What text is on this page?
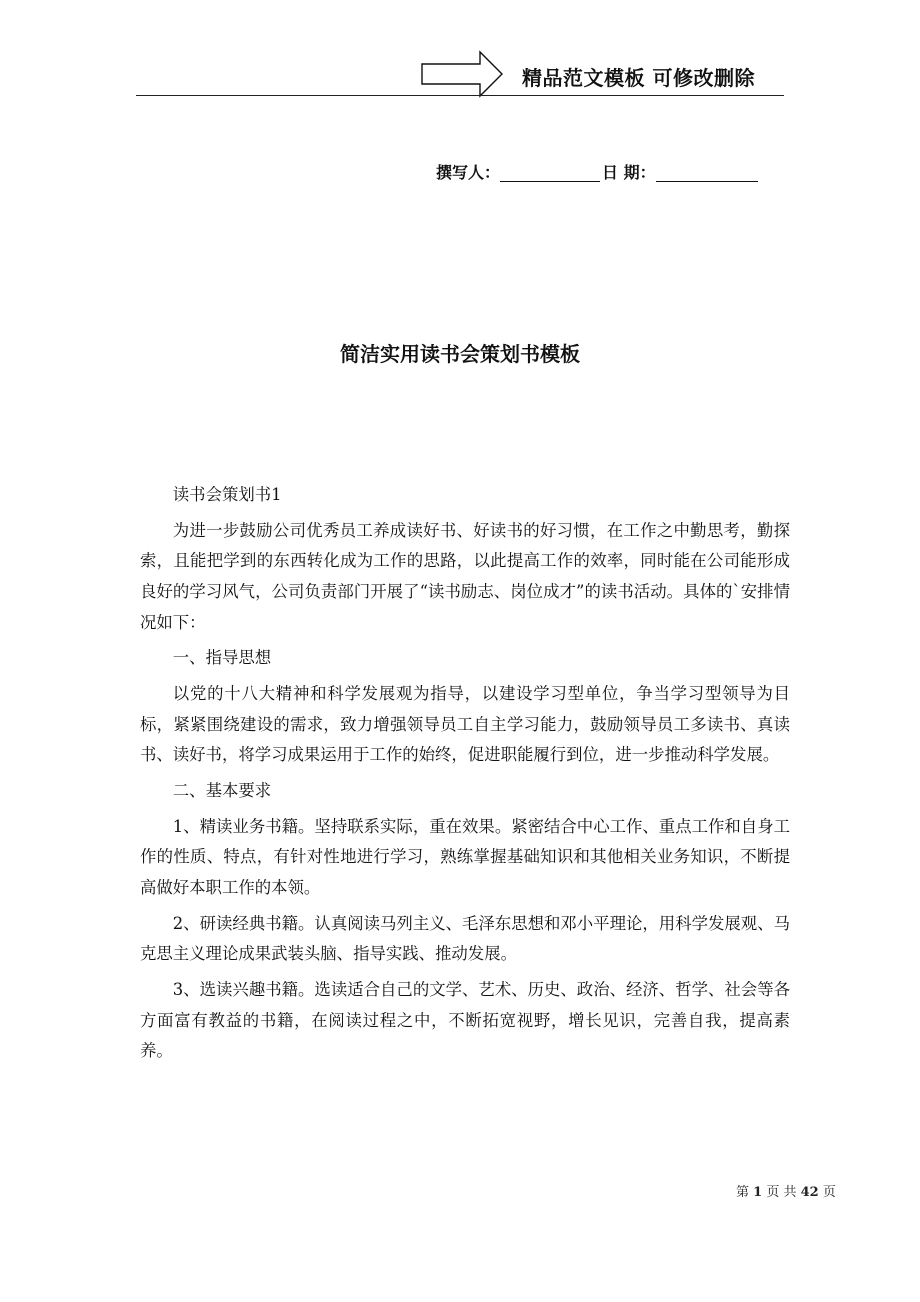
精品范文模板 可修改删除
撰写人：	日 期：
简洁实用读书会策划书模板

读书会策划书1

为进一步鼓励公司优秀员工养成读好书、好读书的好习惯，在工作之中勤思考，勤探索，且能把学到的东西转化成为工作的思路，以此提高工作的效率，同时能在公司能形成良好的学习风气，公司负责部门开展了“读书励志、岗位成才”的读书活动。具体的`安排情况如下：

一、指导思想

以党的十八大精神和科学发展观为指导，以建设学习型单位，争当学习型领导为目标，紧紧围绕建设的需求，致力增强领导员工自主学习能力，鼓励领导员工多读书、真读书、读好书，将学习成果运用于工作的始终，促进职能履行到位，进一步推动科学发展。

二、基本要求

1、精读业务书籍。坚持联系实际，重在效果。紧密结合中心工作、重点工作和自身工作的性质、特点，有针对性地进行学习，熟练掌握基础知识和其他相关业务知识，不断提高做好本职工作的本领。

2、研读经典书籍。认真阅读马列主义、毛泽东思想和邓小平理论，用科学发展观、马克思主义理论成果武装头脑、指导实践、推动发展。

3、选读兴趣书籍。选读适合自己的文学、艺术、历史、政治、经济、哲学、社会等各方面富有教益的书籍，在阅读过程之中，不断拓宽视野，增长见识，完善自我，提高素养。

第 1 页 共 42 页
